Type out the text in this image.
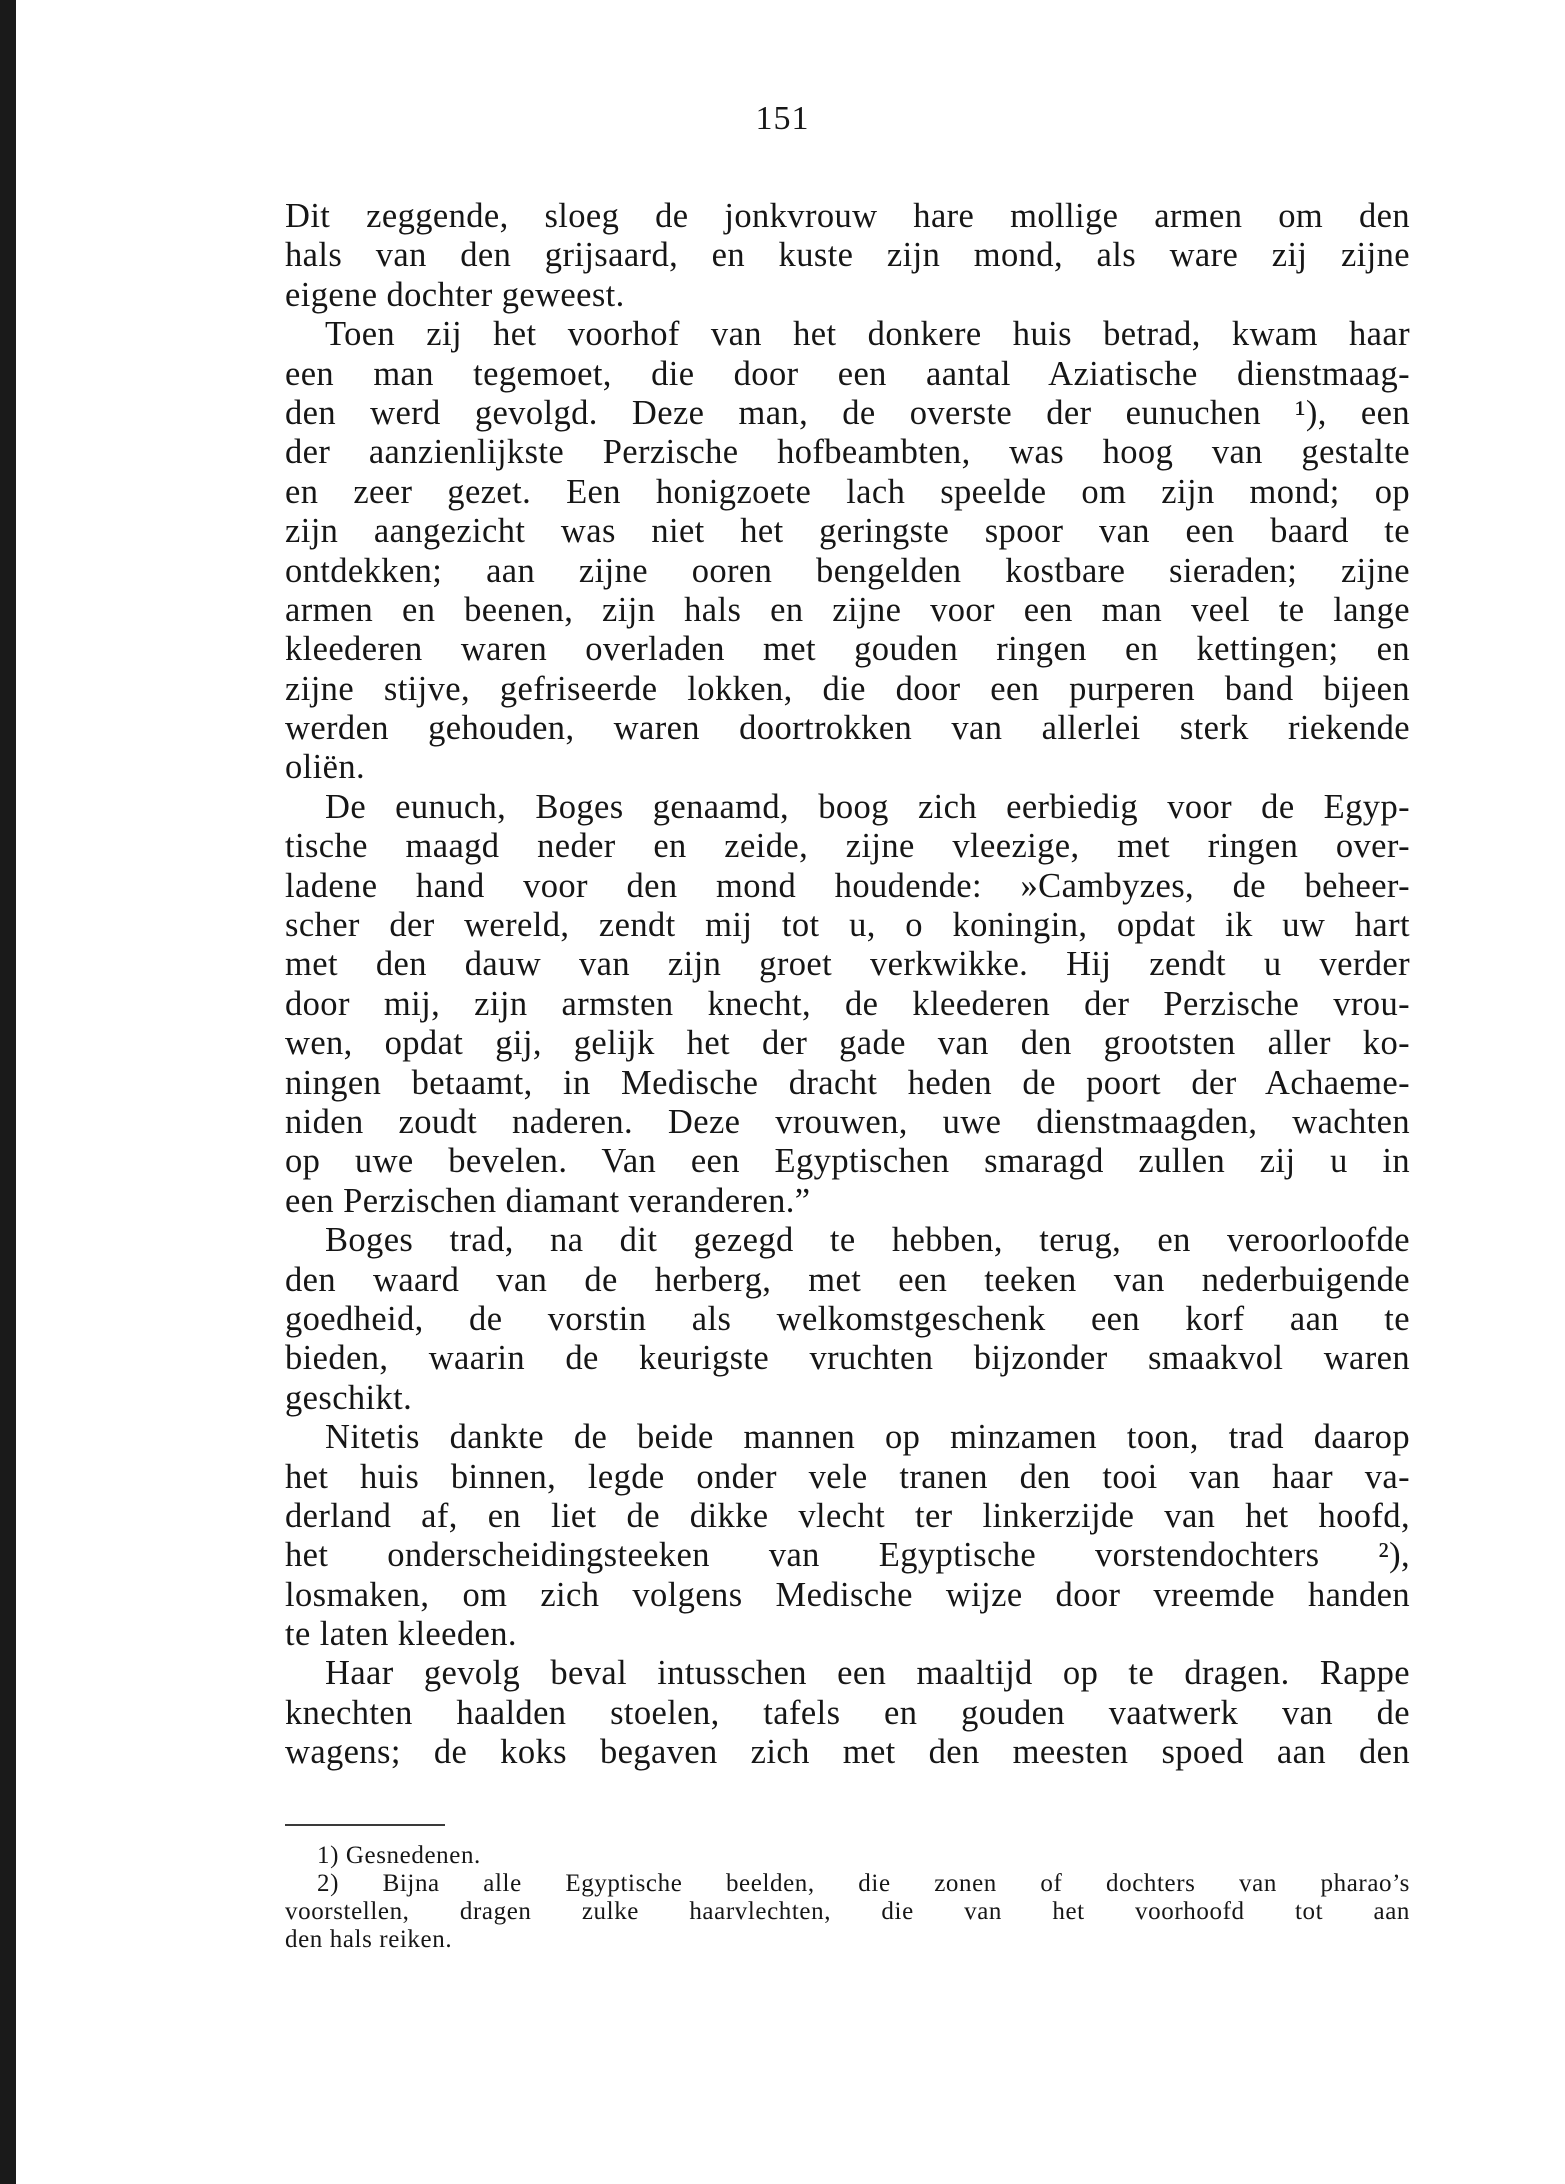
151
Dit zeggende, sloeg de jonkvrouw hare mollige armen om den
hals van den grijsaard, en kuste zijn mond, als ware zij zijne
eigene dochter geweest.
Toen zij het voorhof van het donkere huis betrad, kwam haar
een man tegemoet, die door een aantal Aziatische dienstmaag-
den werd gevolgd. Deze man, de overste der eunuchen ¹), een
der aanzienlijkste Perzische hofbeambten, was hoog van gestalte
en zeer gezet. Een honigzoete lach speelde om zijn mond; op
zijn aangezicht was niet het geringste spoor van een baard te
ontdekken; aan zijne ooren bengelden kostbare sieraden; zijne
armen en beenen, zijn hals en zijne voor een man veel te lange
kleederen waren overladen met gouden ringen en kettingen; en
zijne stijve, gefriseerde lokken, die door een purperen band bijeen
werden gehouden, waren doortrokken van allerlei sterk riekende
oliën.
De eunuch, Boges genaamd, boog zich eerbiedig voor de Egyp-
tische maagd neder en zeide, zijne vleezige, met ringen over-
ladene hand voor den mond houdende: »Cambyzes, de beheer-
scher der wereld, zendt mij tot u, o koningin, opdat ik uw hart
met den dauw van zijn groet verkwikke. Hij zendt u verder
door mij, zijn armsten knecht, de kleederen der Perzische vrou-
wen, opdat gij, gelijk het der gade van den grootsten aller ko-
ningen betaamt, in Medische dracht heden de poort der Achaeme-
niden zoudt naderen. Deze vrouwen, uwe dienstmaagden, wachten
op uwe bevelen. Van een Egyptischen smaragd zullen zij u in
een Perzischen diamant veranderen.”
Boges trad, na dit gezegd te hebben, terug, en veroorloofde
den waard van de herberg, met een teeken van nederbuigende
goedheid, de vorstin als welkomstgeschenk een korf aan te
bieden, waarin de keurigste vruchten bijzonder smaakvol waren
geschikt.
Nitetis dankte de beide mannen op minzamen toon, trad daarop
het huis binnen, legde onder vele tranen den tooi van haar va-
derland af, en liet de dikke vlecht ter linkerzijde van het hoofd,
het onderscheidingsteeken van Egyptische vorstendochters ²),
losmaken, om zich volgens Medische wijze door vreemde handen
te laten kleeden.
Haar gevolg beval intusschen een maaltijd op te dragen. Rappe
knechten haalden stoelen, tafels en gouden vaatwerk van de
wagens; de koks begaven zich met den meesten spoed aan den
1) Gesnedenen.
2) Bijna alle Egyptische beelden, die zonen of dochters van pharao’s
voorstellen, dragen zulke haarvlechten, die van het voorhoofd tot aan
den hals reiken.
